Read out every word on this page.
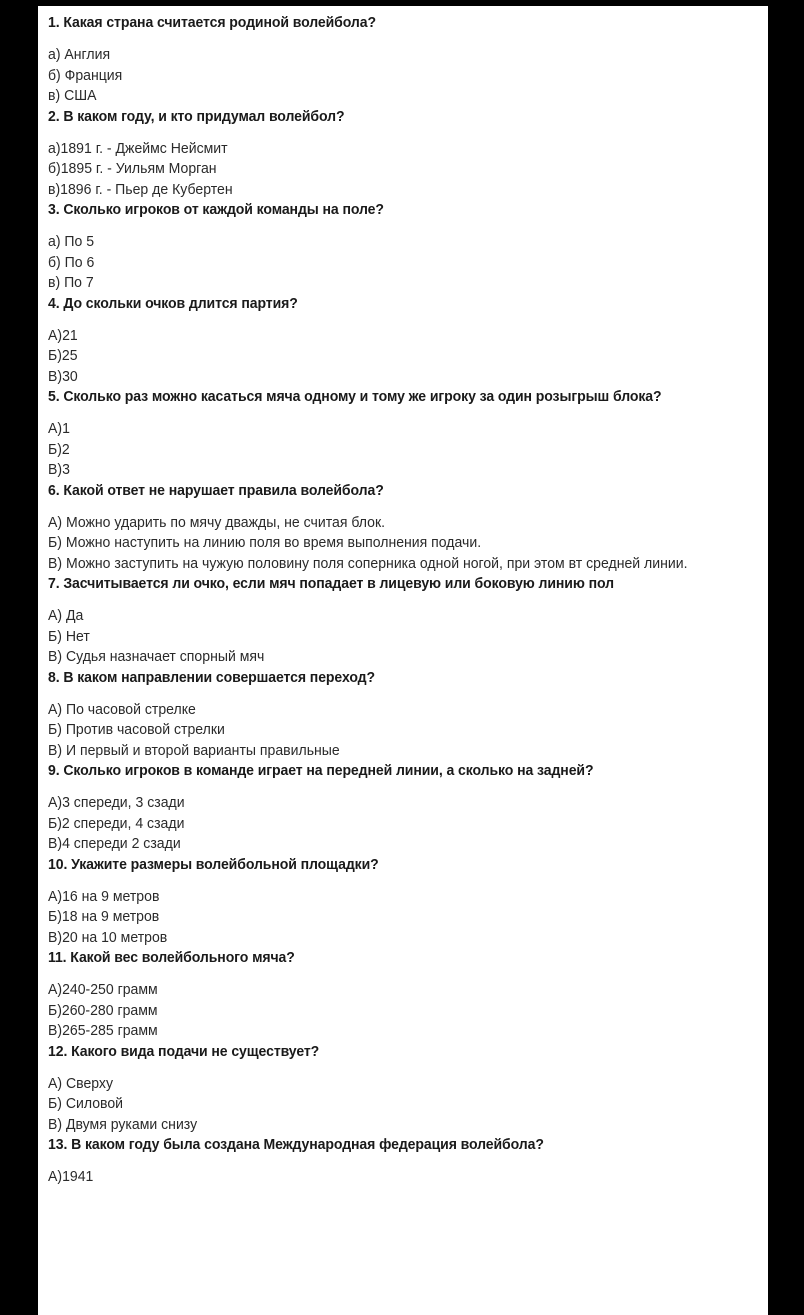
1. Какая страна считается родиной волейбола?
а) Англия
б) Франция
в) США
2. В каком году, и кто придумал волейбол?
а)1891 г. - Джеймс Нейсмит
б)1895 г. - Уильям Морган
в)1896 г. - Пьер де Кубертен
3. Сколько игроков от каждой команды на поле?
а) По 5
б) По 6
в) По 7
4. До скольки очков длится партия?
А)21
Б)25
В)30
5. Сколько раз можно касаться мяча одному и тому же игроку за один розыгрыш блока?
А)1
Б)2
В)3
6. Какой ответ не нарушает правила волейбола?
А) Можно ударить по мячу дважды, не считая блок.
Б) Можно наступить на линию поля во время выполнения подачи.
В) Можно заступить на чужую половину поля соперника одной ногой, при этом вт средней линии.
7. Засчитывается ли очко, если мяч попадает в лицевую или боковую линию пол
А) Да
Б) Нет
В) Судья назначает спорный мяч
8. В каком направлении совершается переход?
А) По часовой стрелке
Б) Против часовой стрелки
В) И первый и второй варианты правильные
9. Сколько игроков в команде играет на передней линии, а сколько на задней?
А)3 спереди, 3 сзади
Б)2 спереди, 4 сзади
В)4 спереди 2 сзади
10. Укажите размеры волейбольной площадки?
А)16 на 9 метров
Б)18 на 9 метров
В)20 на 10 метров
11. Какой вес волейбольного мяча?
А)240-250 грамм
Б)260-280 грамм
В)265-285 грамм
12. Какого вида подачи не существует?
А) Сверху
Б) Силовой
В) Двумя руками снизу
13. В каком году была создана Международная федерация волейбола?
А)1941
